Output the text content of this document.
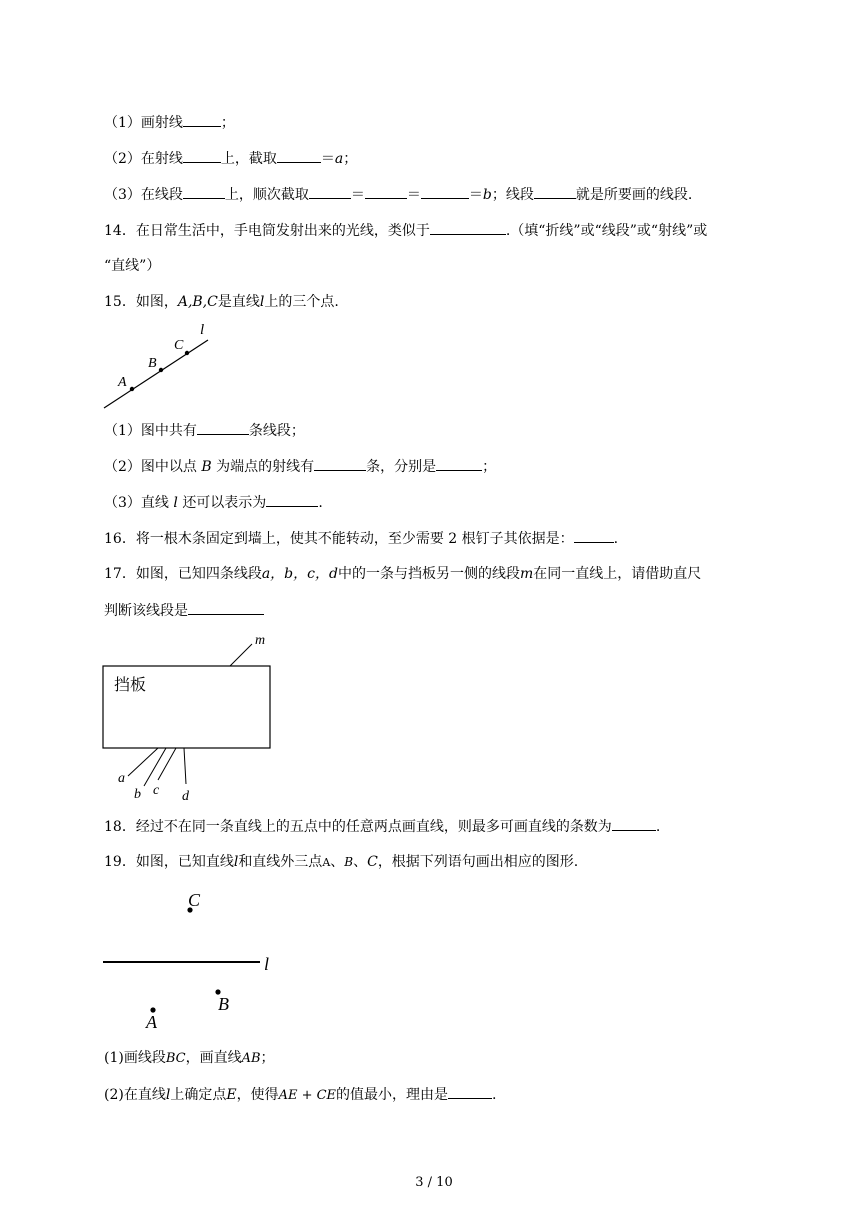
（1）画射线	；
（2）在射线	上，截取	＝a；
（3）在线段	上，顺次截取	＝	＝	＝b；线段	就是所要画的线段.
14．在日常生活中，手电筒发射出来的光线，类似于	.（填“折线”或“线段”或“射线”或
“直线”）
15．如图，A,B,C是直线l上的三个点.
A
B
C
l
（1）图中共有	条线段；
（2）图中以点 B 为端点的射线有	条，分别是	；
（3）直线 l 还可以表示为	.
16．将一根木条固定到墙上，使其不能转动，至少需要 2 根钉子其依据是：	.
17．如图，已知四条线段a，b，c，d中的一条与挡板另一侧的线段m在同一直线上，请借助直尺
判断该线段是
挡板
m
a
b c d
18．经过不在同一条直线上的五点中的任意两点画直线，则最多可画直线的条数为	.
19．如图，已知直线l和直线外三点A、B、C，根据下列语句画出相应的图形.
C
l
B
A
(1)画线段BC，画直线AB；
(2)在直线l上确定点E，使得AE + CE的值最小，理由是	.
3 / 10
